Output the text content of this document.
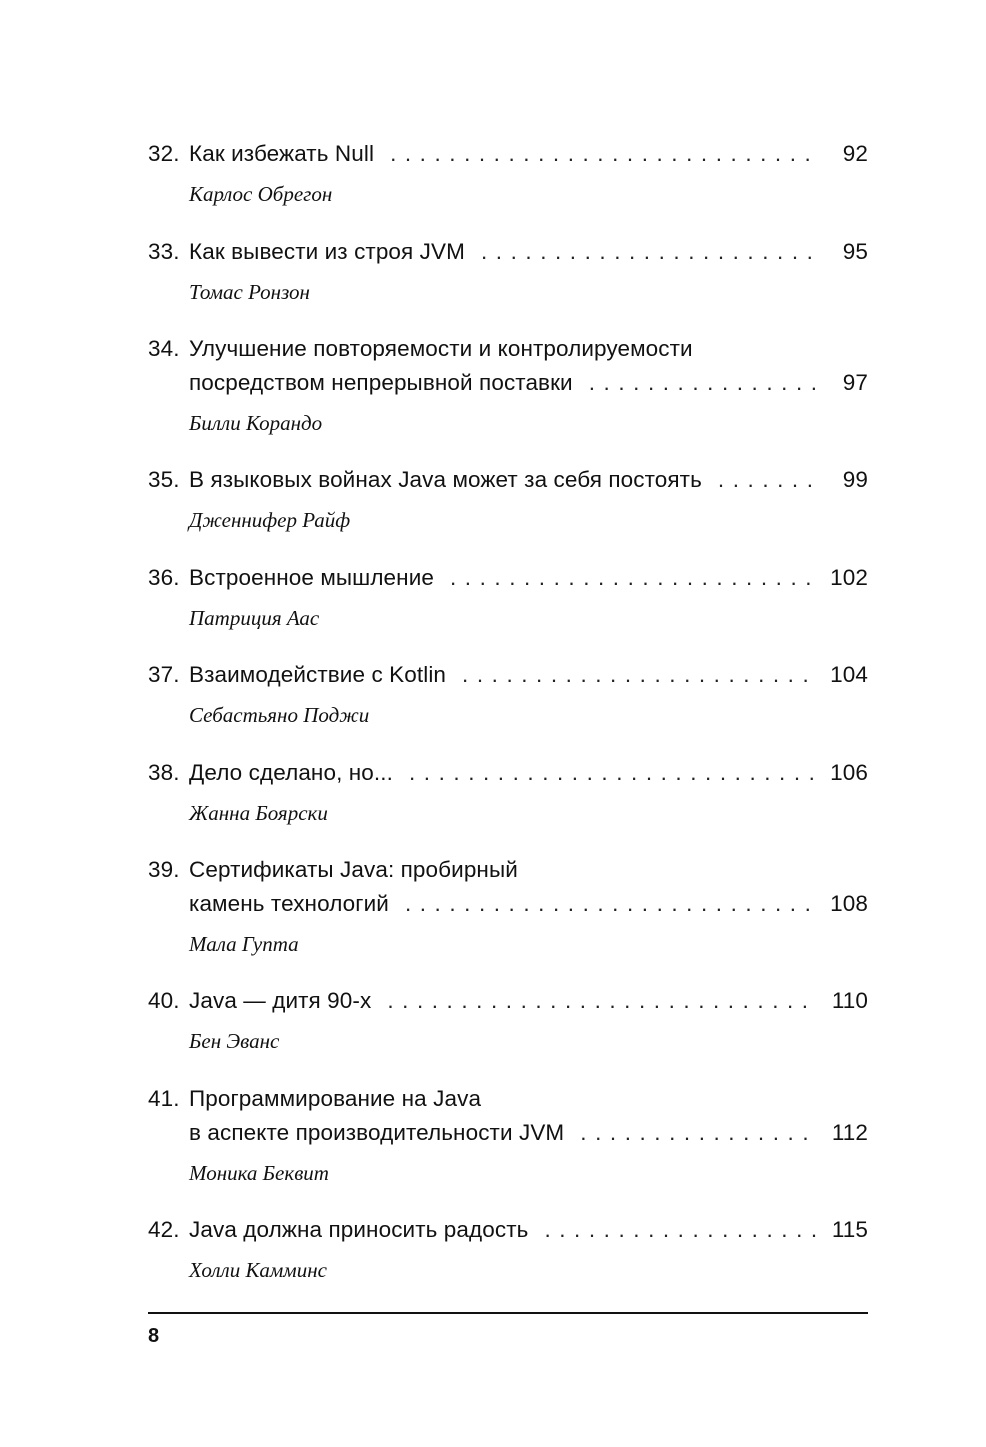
32. Как избежать Null . . .	92
Карлос Обрегон
33. Как вывести из строя JVM . . .	95
Томас Ронзон
34. Улучшение повторяемости и контролируемости
посредством непрерывной поставки . . .	97
Билли Корандо
35. В языковых войнах Java может за себя постоять . . .	99
Дженнифер Райф
36. Встроенное мышление . . .	102
Патриция Аас
37. Взаимодействие с Kotlin . . .	104
Себастьяно Поджи
38. Дело сделано, но... . . .	106
Жанна Боярски
39. Сертификаты Java: пробирный
камень технологий . . .	108
Мала Гупта
40. Java — дитя 90-х . . .	110
Бен Эванс
41. Программирование на Java
в аспекте производительности JVM . . .	112
Моника Беквит
42. Java должна приносить радость . . .	115
Холли Камминс
8
